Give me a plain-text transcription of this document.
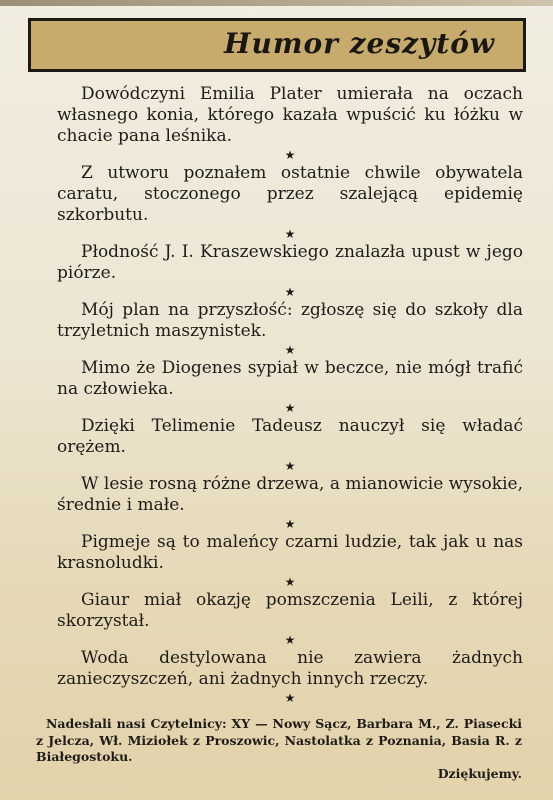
Humor zeszytów

Dowódczyni Emilia Plater umierała na oczach własnego konia, którego kazała wpuścić ku łóżku w chacie pana leśnika.

★

Z utworu poznałem ostatnie chwile obywatela caratu, stoczonego przez szalejącą epidemię szkorbutu.

★

Płodność J. I. Kraszewskiego znalazła upust w jego piórze.

★

Mój plan na przyszłość: zgłoszę się do szkoły dla trzyletnich maszynistek.

★

Mimo że Diogenes sypiał w beczce, nie mógł trafić na człowieka.

★

Dzięki Telimenie Tadeusz nauczył się władać orężem.

★

W lesie rosną różne drzewa, a mianowicie wysokie, średnie i małe.

★

Pigmeje są to maleńcy czarni ludzie, tak jak u nas krasnoludki.

★

Giaur miał okazję pomszczenia Leili, z której skorzystał.

★

Woda destylowana nie zawiera żadnych zanieczyszczeń, ani żadnych innych rzeczy.

★

Nadesłali nasi Czytelnicy: XY — Nowy Sącz, Barbara M., Z. Piasecki z Jelcza, Wł. Miziołek z Proszowic, Nastolatka z Poznania, Basia R. z Białegostoku.
Dziękujemy.
